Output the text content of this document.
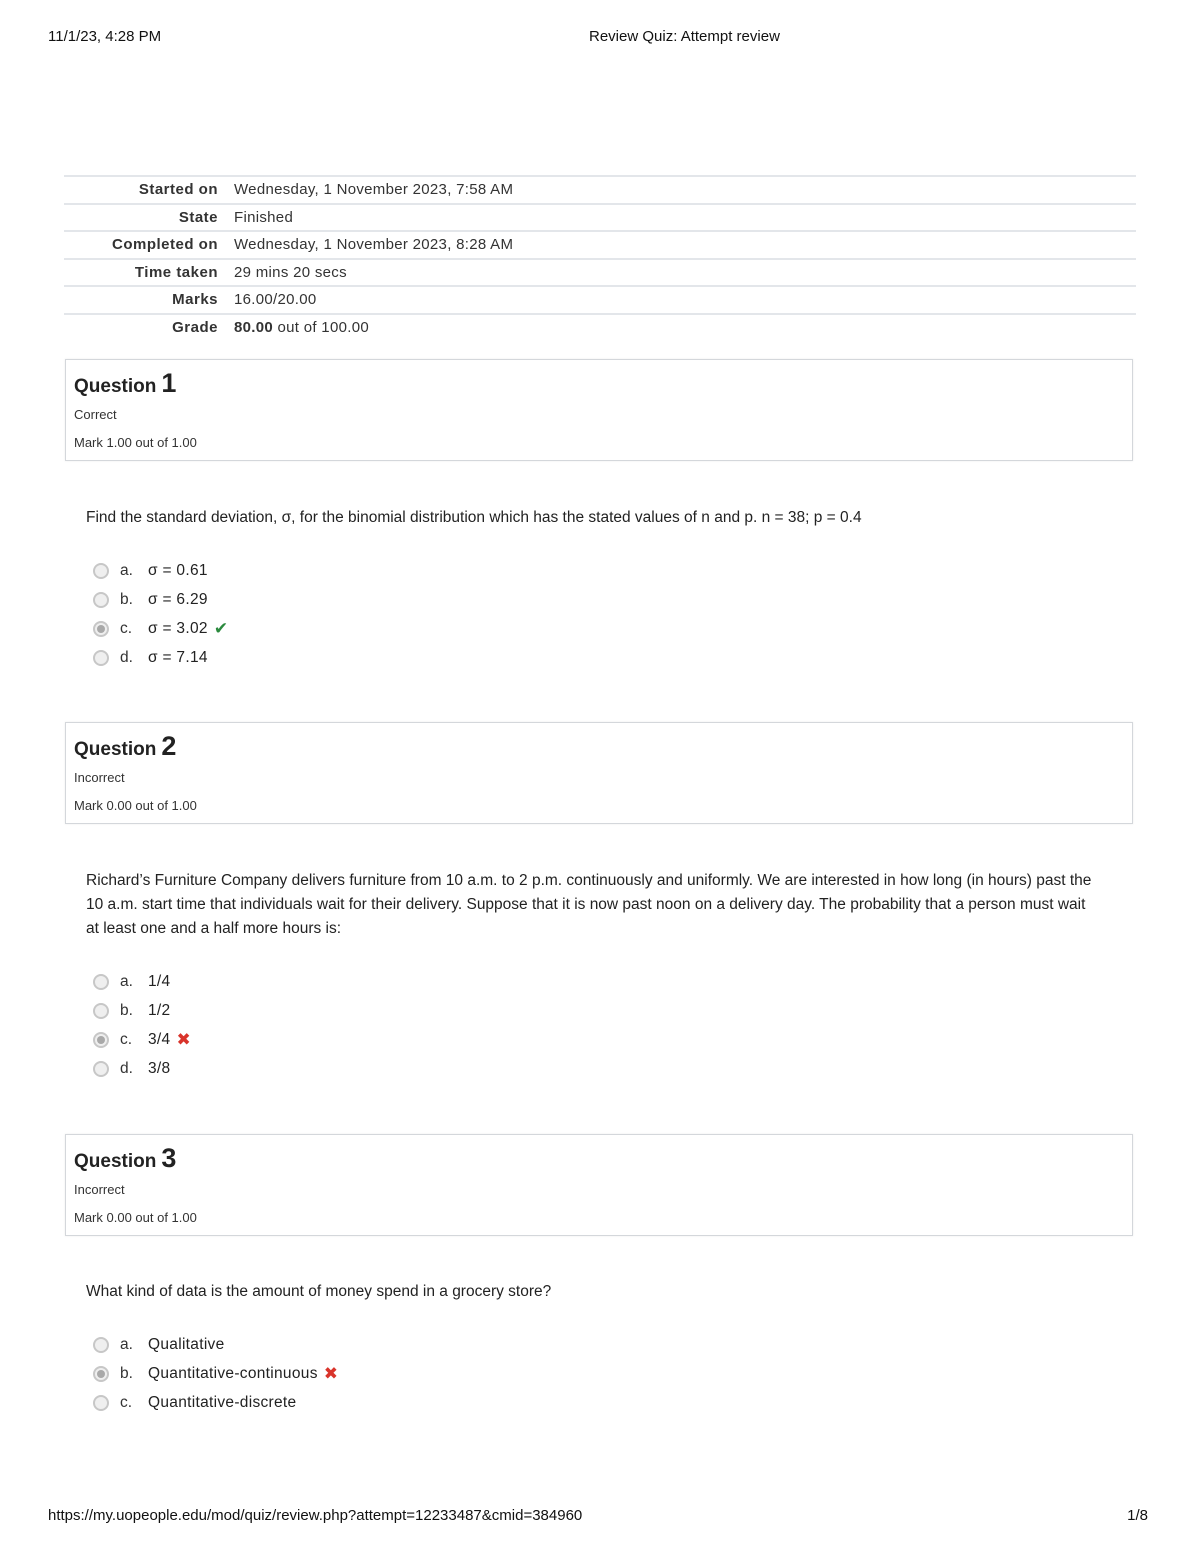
11/1/23, 4:28 PM	Review Quiz: Attempt review
Started on	Wednesday, 1 November 2023, 7:58 AM
State	Finished
Completed on	Wednesday, 1 November 2023, 8:28 AM
Time taken	29 mins 20 secs
Marks	16.00/20.00
Grade	80.00 out of 100.00
Question 1
Correct
Mark 1.00 out of 1.00
Find the standard deviation, σ, for the binomial distribution which has the stated values of n and p. n = 38; p = 0.4
a. σ = 0.61
b. σ = 6.29
c.	σ = 3.02 ✔
d. σ = 7.14
Question 2
Incorrect
Mark 0.00 out of 1.00
Richard’s Furniture Company delivers furniture from 10 a.m. to 2 p.m. continuously and uniformly. We are interested in how long (in hours) past the 10 a.m. start time that individuals wait for their delivery. Suppose that it is now past noon on a delivery day. The probability that a person must wait at least one and a half more hours is:
a. 1/4
b. 1/2
c.	3/4 ✖
d. 3/8
Question 3
Incorrect
Mark 0.00 out of 1.00
What kind of data is the amount of money spend in a grocery store?
a. Qualitative
b. Quantitative-continuous ✖
c.	Quantitative-discrete
https://my.uopeople.edu/mod/quiz/review.php?attempt=12233487&cmid=384960	1/8
